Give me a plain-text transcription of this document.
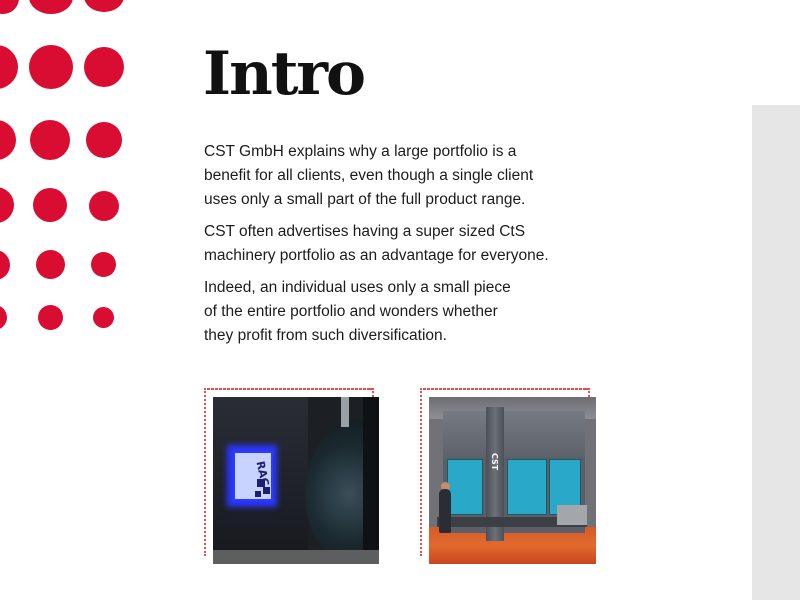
Intro

CST GmbH explains why a large portfolio is a
benefit for all clients, even though a single client
uses only a small part of the full product range.

CST often advertises having a super sized CtS
machinery portfolio as an advantage for everyone.

Indeed, an individual uses only a small piece
of the entire portfolio and wonders whether
they profit from such diversification.

RAC	CST
